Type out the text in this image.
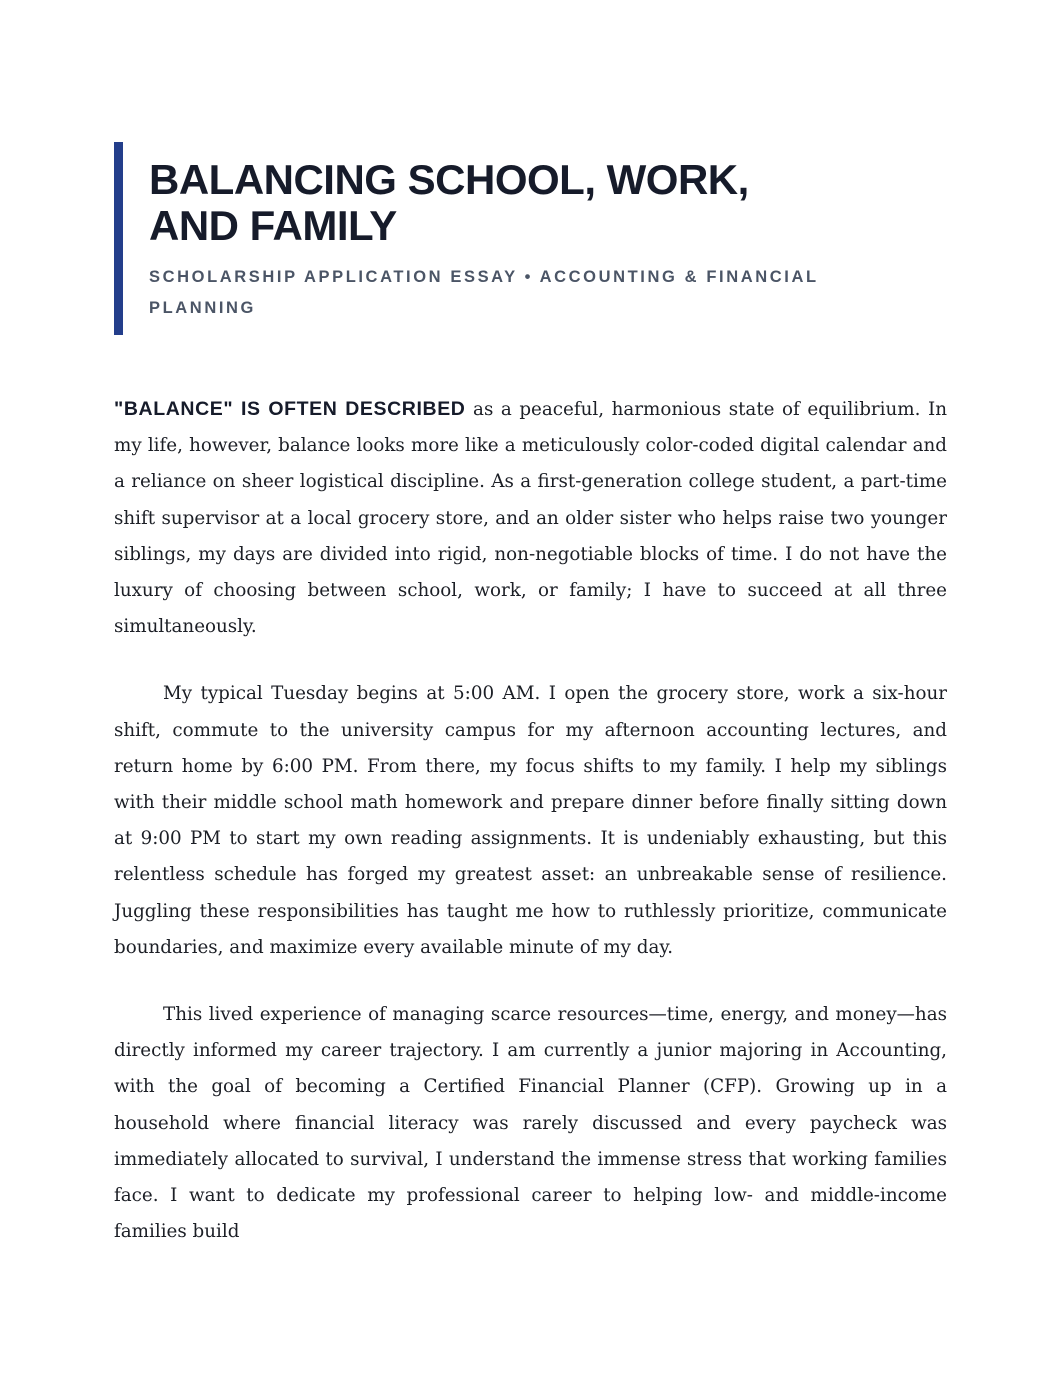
BALANCING SCHOOL, WORK,
AND FAMILY
SCHOLARSHIP APPLICATION ESSAY • ACCOUNTING & FINANCIAL PLANNING

"BALANCE" IS OFTEN DESCRIBED as a peaceful, harmonious state of equilibrium. In my life, however, balance looks more like a meticulously color-coded digital calendar and a reliance on sheer logistical discipline. As a first-generation college student, a part-time shift supervisor at a local grocery store, and an older sister who helps raise two younger siblings, my days are divided into rigid, non-negotiable blocks of time. I do not have the luxury of choosing between school, work, or family; I have to succeed at all three simultaneously.

My typical Tuesday begins at 5:00 AM. I open the grocery store, work a six-hour shift, commute to the university campus for my afternoon accounting lectures, and return home by 6:00 PM. From there, my focus shifts to my family. I help my siblings with their middle school math homework and prepare dinner before finally sitting down at 9:00 PM to start my own reading assignments. It is undeniably exhausting, but this relentless schedule has forged my greatest asset: an unbreakable sense of resilience. Juggling these responsibilities has taught me how to ruthlessly prioritize, communicate boundaries, and maximize every available minute of my day.

This lived experience of managing scarce resources—time, energy, and money—has directly informed my career trajectory. I am currently a junior majoring in Accounting, with the goal of becoming a Certified Financial Planner (CFP). Growing up in a household where financial literacy was rarely discussed and every paycheck was immediately allocated to survival, I understand the immense stress that working families face. I want to dedicate my professional career to helping low- and middle-income families build
